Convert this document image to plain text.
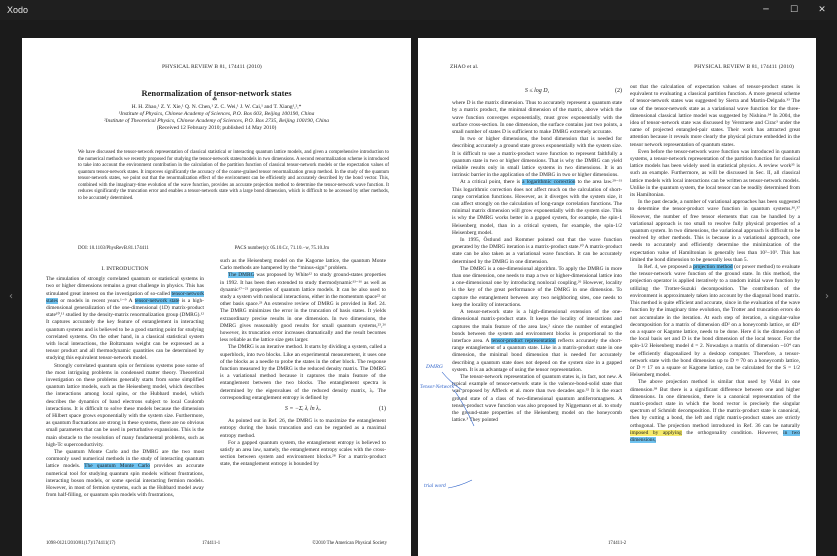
Xodo	─	☐	✕
‹	›
PHYSICAL REVIEW B 81, 174411 (2010)
☘
Renormalization of tensor-network states
H. H. Zhao,¹ Z. Y. Xie,¹ Q. N. Chen,¹ Z. C. Wei,¹ J. W. Cai,¹ and T. Xiang¹,²,*
¹Institute of Physics, Chinese Academy of Sciences, P.O. Box 603, Beijing 100190, China
²Institute of Theoretical Physics, Chinese Academy of Sciences, P.O. Box 2735, Beijing 100190, China
(Received 12 February 2010; published 14 May 2010)
We have discussed the tensor-network representation of classical statistical or interacting quantum lattice models, and given a comprehensive introduction to the numerical methods we recently proposed for studying the tensor-network states/models in two dimensions. A second renormalization scheme is introduced to take into account the environment contribution in the calculation of the partition function of classical tensor-network models or the expectation values of quantum tensor-network states. It improves significantly the accuracy of the coarse-grained tensor renormalization group method. In the study of the quantum tensor-network states, we point out that the renormalization effect of the environment can be efficiently and accurately described by the bond vector. This, combined with the imaginary-time evolution of the wave function, provides an accurate projection method to determine the tensor-network wave function. It reduces significantly the truncation error and enables a tensor-network state with a large bond dimension, which is difficult to be accessed by other methods, to be accurately determined.
DOI: 10.1103/PhysRevB.81.174411	PACS number(s): 05.10.Cc, 71.10.−w, 75.10.Jm
I. INTRODUCTION

The simulation of strongly correlated quantum or statistical systems in two or higher dimensions remains a great challenge in physics. This has stimulated great interest on the investigation of so-called tensor-network states or models in recent years.¹⁻⁹ A tensor-network state is a high-dimensional generalization of the one-dimensional (1D) matrix-product state¹⁰,¹¹ studied by the density-matrix renormalization group (DMRG).¹² It captures accurately the key feature of entanglement in interacting quantum systems and is believed to be a good starting point for studying correlated systems. On the other hand, in a classical statistical system with local interactions, the Boltzmann weight can be expressed as a tensor product and all thermodynamic quantities can be determined by studying this equivalent tensor-network model.

Strongly correlated quantum spin or fermions systems pose some of the most intriguing problems in condensed matter theory. Theoretical investigation on these problems generally starts from some simplified quantum lattice models, such as the Heisenberg model, which describes the interactions among local spins, or the Hubbard model, which describes the dynamics of band electrons subject to local Coulomb interactions. It is difficult to solve these models because the dimension of Hilbert space grows exponentially with the system size. Furthermore, as quantum fluctuations are strong in these systems, there are no obvious small parameters that can be used in perturbative expansions. This is the main obstacle to the resolution of many fundamental problems, such as high-Tc superconductivity.

The quantum Monte Carlo and the DMRG are the two most commonly used numerical methods in the study of interacting quantum lattice models. The quantum Monte Carlo provides an accurate numerical tool for studying quantum spin models without frustrations, interacting boson models, or some special interacting fermion models. However, in most of fermion systems, such as the Hubbard model away from half-filling, or quantum spin models with frustrations,

such as the Heisenberg model on the Kagome lattice, the quantum Monte Carlo methods are hampered by the “minus-sign” problem.

The DMRG was proposed by White¹² to study ground-states properties in 1992. It has been then extended to study thermodynamic¹³⁻¹⁶ as well as dynamic¹⁷⁻²¹ properties of quantum lattice models. It can be also used to study a system with nonlocal interactions, either in the momentum space²² or other basis space.²³ An extensive review of DMRG is provided in Ref. 24. The DMRG minimizes the error in the truncation of basis states. It yields extraordinary precise results in one dimension. In two dimensions, the DMRG gives reasonably good results for small quantum systems,²⁵,²⁶ however, its truncation error increases dramatically and the result becomes less reliable as the lattice size gets larger.

The DMRG is an iterative method. It starts by dividing a system, called a superblock, into two blocks. Like an experimental measurement, it uses one of the blocks as a needle to probe the states in the other block. The response function measured by the DMRG is the reduced density matrix. The DMRG is a variational method because it captures the main feature of the entanglement between the two blocks. The entanglement spectra is determined by the eigenvalues of the reduced density matrix, λᵢ. The corresponding entanglement entropy is defined by

S = −Σᵢ λᵢ ln λᵢ.	(1)

As pointed out in Ref. 26, the DMRG is to maximize the entanglement entropy during the basis truncation and can be regarded as a maximal entropy method.

For a gapped quantum system, the entanglement entropy is believed to satisfy an area law, namely, the entanglement entropy scales with the cross-section between system and environment blocks.²⁸ For a matrix-product state, the entanglement entropy is bounded by

1098-0121/2010/81(17)/174411(17)	174411-1	©2010 The American Physical Society
ZHAO et al.	PHYSICAL REVIEW B 81, 174411 (2010)
S ≤ log D,	(2)

where D is the matrix dimension. Thus to accurately represent a quantum state by a matrix product, the minimal dimension of the matrix, above which the wave function converges exponentially, must grow exponentially with the surface cross-section. In one dimension, the surface contains just two points, a small number of states D is sufficient to make DMRG extremely accurate.

In two or higher dimensions, the bond dimension that is needed for describing accurately a ground state grows exponentially with the system size. It is difficult to use a matrix-product wave function to represent faithfully a quantum state in two or higher dimensions. That is why the DMRG can yield reliable results only in small lattice systems in two dimensions. It is an intrinsic barrier in the application of the DMRG in two or higher dimensions.

At a critical point, there is a logarithmic correction to the area law.²⁹⁻³¹ This logarithmic correction does not affect much on the calculation of short-range correlation functions. However, as it diverges with the system size, it can affect strongly on the calculation of long-range correlation functions. The minimal matrix dimension will grow exponentially with the system size. This is why the DMRG works better in a gapped system, for example, the spin-1 Heisenberg model, than in a critical system, for example, the spin-1/2 Heisenberg model.

In 1995, Östlund and Rommer pointed out that the wave function generated by the DMRG iteration is a matrix-product state.¹⁰ A matrix-product state can be also taken as a variational wave function. It can be accurately determined by the DMRG in one dimension.

The DMRG is a one-dimensional algorithm. To apply the DMRG in more than one dimension, one needs to map a two or higher-dimensional lattice into a one-dimensional one by introducing nonlocal coupling.²⁶ However, locality is the key of the great performance of the DMRG in one dimension. To capture the entanglement between any two neighboring sites, one needs to keep the locality of interactions.

A tensor-network state is a high-dimensional extension of the one-dimensional matrix-product state. It keeps the locality of interactions and captures the main feature of the area law,² since the number of entangled bonds between the system and environment blocks is proportional to the interface area. A tensor-product representation reflects accurately the short-range entanglement of a quantum state. Like in a matrix-product state in one dimension, the minimal bond dimension that is needed for accurately describing a quantum state does not depend on the system size in a gapped system. It is an advantage of using the tensor representation.

The tensor-network representation of quantum states is, in fact, not new. A typical example of tensor-network state is the valence-bond-solid state that was proposed by Affleck et al. more than two decades ago.³² It is the exact ground state of a class of two-dimensional quantum antiferromagnets. A tensor-product wave function was also proposed by Niggemann et al. to study the ground-state properties of the Heisenberg model on the honeycomb lattice.³ They pointed

out that the calculation of expectation values of tensor-product states is equivalent to evaluating a classical partition function. A more general scheme of tensor-network states was suggested by Sierra and Martin-Delgado.³³ The use of the tensor-network state as a variational wave function for the three-dimensional classical lattice model was suggested by Nishino.³⁴ In 2004, the idea of tensor-network state was discussed by Verstraete and Cirac³ under the name of projected entangled-pair states. Their work has attracted great attention because it reveals more clearly the physical picture embedded in the tensor network representation of quantum states.

Even before the tensor-network wave function was introduced in quantum systems, a tensor-network representation of the partition function for classical lattice models has been widely used in statistical physics. A review work³⁵ is such an example. Furthermore, as will be discussed in Sec. II, all classical lattice models with local interactions can be written as tensor-network models. Unlike in the quantum system, the local tensor can be readily determined from its Hamiltonian.

In the past decade, a number of variational approaches has been suggested to determine the tensor-product wave function in quantum systems.³⁶,³⁷ However, the number of free tensor elements that can be handled by a variational approach is too small to resolve fully physical properties of a quantum system. In two dimensions, the variational approach is difficult to be resolved by other methods. This is because in a variational approach, one needs to accurately and efficiently determine the minimization of the expectation value of Hamiltonian is generally less than 10²−10³. This has limited the bond dimension to be generally less than 5.

In Ref. 4, we proposed a projection method (or power method) to evaluate the tensor-network wave function of the ground state. In this method, the projection operator is applied iteratively to a random initial wave function by utilizing the Trotter-Suzuki decomposition. The contribution of the environment is approximately taken into account by the diagonal bond matrix. This method is quite efficient and accurate, since in the evaluation of the wave function by the imaginary time evolution, the Trotter and truncation errors do not accumulate in the iteration. At each step of iteration, a singular-value decomposition for a matrix of dimension dD² on a honeycomb lattice, or dD³ on a square or Kagome lattice, needs to be done. Here d is the dimension of the local basis set and D is the bond dimension of the local tensor. For the spin-1/2 Heisenberg model d = 2. Nowadays a matrix of dimension ~10⁴ can be efficiently diagonalized by a desktop computer. Therefore, a tensor-network state with the bond dimension up to D ≈ 70 on a honeycomb lattice, or D ≈ 17 on a square or Kagome lattice, can be calculated for the S = 1/2 Heisenberg model.

The above projection method is similar that used by Vidal in one dimension.³⁸ But there is a significant difference between one and higher dimensions. In one dimension, there is a canonical representation of the matrix-product state in which the bond vector is precisely the singular spectrum of Schmidt decomposition. If the matrix-product state is canonical, then by cutting a bond, the left and right matrix-product states are strictly orthogonal. The projection method introduced in Ref. 36 can be naturally imposed by applying the orthogonality condition. However, in two dimensions,

174411-2
DMRG
Tensor-Network
trial word
